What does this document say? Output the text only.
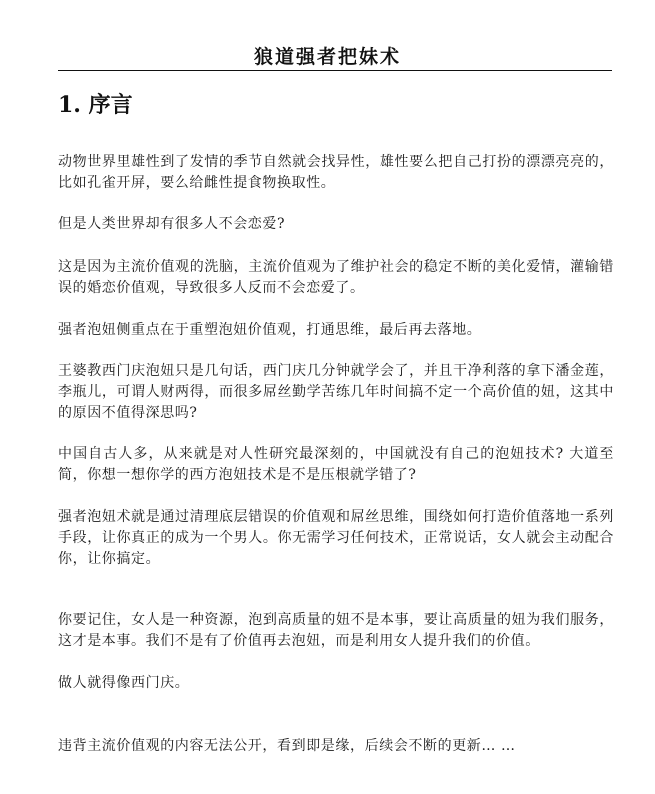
狼道强者把妹术
1. 序言
动物世界里雄性到了发情的季节自然就会找异性，雄性要么把自己打扮的漂漂亮亮的，比如孔雀开屏，要么给雌性提食物换取性。
但是人类世界却有很多人不会恋爱?
这是因为主流价值观的洗脑，主流价值观为了维护社会的稳定不断的美化爱情，灌输错误的婚恋价值观，导致很多人反而不会恋爱了。
强者泡妞侧重点在于重塑泡妞价值观，打通思维，最后再去落地。
王婆教西门庆泡妞只是几句话，西门庆几分钟就学会了，并且干净利落的拿下潘金莲，李瓶儿，可谓人财两得，而很多屌丝勤学苦练几年时间搞不定一个高价值的妞，这其中的原因不值得深思吗?
中国自古人多，从来就是对人性研究最深刻的，中国就没有自己的泡妞技术? 大道至简，你想一想你学的西方泡妞技术是不是压根就学错了?
强者泡妞术就是通过清理底层错误的价值观和屌丝思维，围绕如何打造价值落地一系列手段，让你真正的成为一个男人。你无需学习任何技术，正常说话，女人就会主动配合你，让你搞定。
你要记住，女人是一种资源，泡到高质量的妞不是本事，要让高质量的妞为我们服务，这才是本事。我们不是有了价值再去泡妞，而是利用女人提升我们的价值。
做人就得像西门庆。
违背主流价值观的内容无法公开，看到即是缘，后续会不断的更新… …
